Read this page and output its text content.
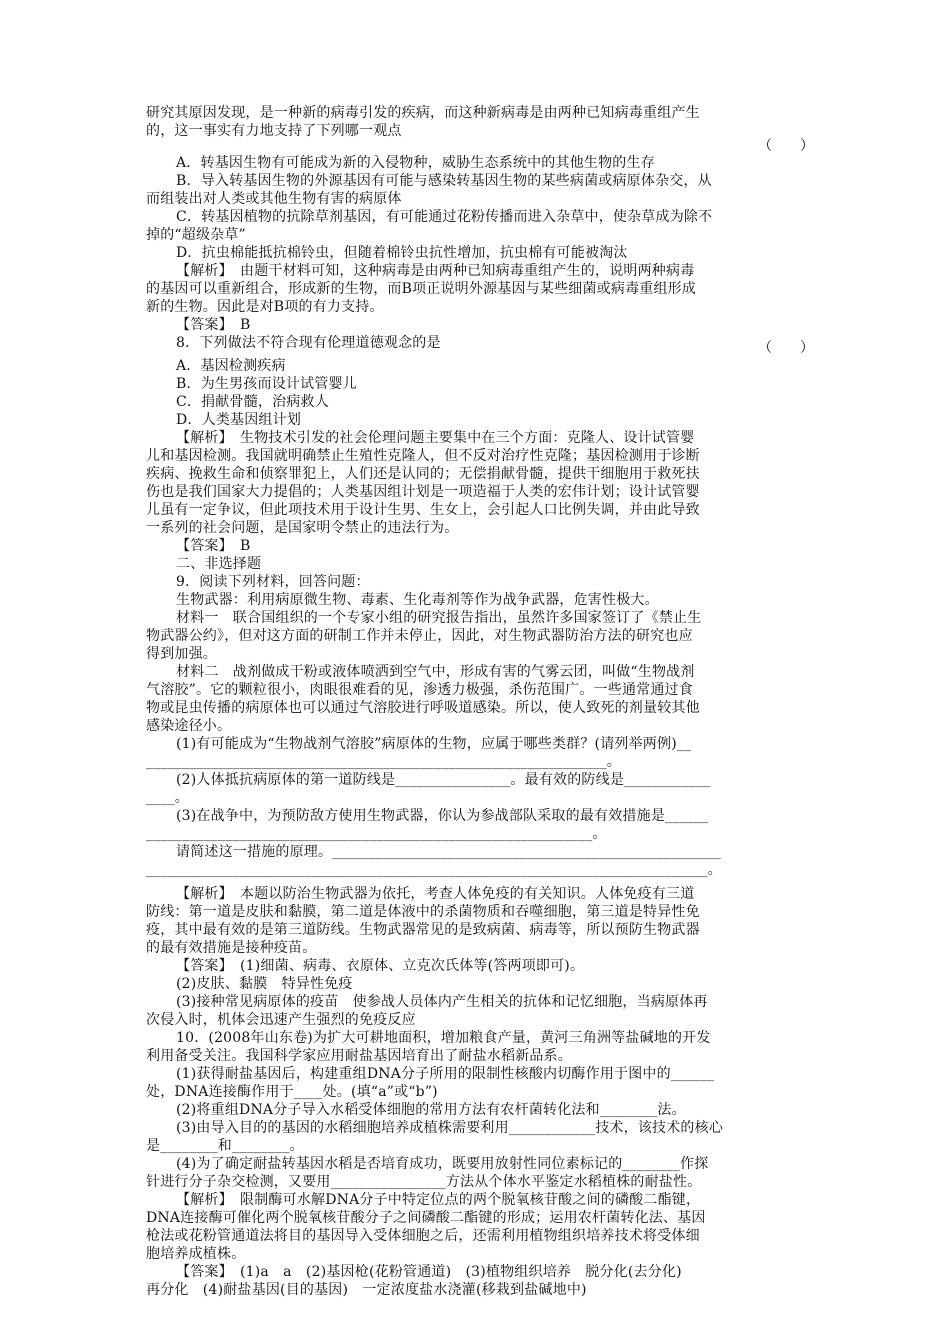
研究其原因发现，是一种新的病毒引发的疾病，而这种新病毒是由两种已知病毒重组产生
的，这一事实有力地支持了下列哪一观点
（　　）
A．转基因生物有可能成为新的入侵物种，威胁生态系统中的其他生物的生存
B．导入转基因生物的外源基因有可能与感染转基因生物的某些病菌或病原体杂交，从
而组装出对人类或其他生物有害的病原体
C．转基因植物的抗除草剂基因，有可能通过花粉传播而进入杂草中，使杂草成为除不
掉的“超级杂草”
D．抗虫棉能抵抗棉铃虫，但随着棉铃虫抗性增加，抗虫棉有可能被淘汰
【解析】　由题干材料可知，这种病毒是由两种已知病毒重组产生的，说明两种病毒
的基因可以重新组合，形成新的生物，而B项正说明外源基因与某些细菌或病毒重组形成
新的生物。因此是对B项的有力支持。
【答案】　B
8．下列做法不符合现有伦理道德观念的是	（　　）
A．基因检测疾病
B．为生男孩而设计试管婴儿
C．捐献骨髓，治病救人
D．人类基因组计划
【解析】　生物技术引发的社会伦理问题主要集中在三个方面：克隆人、设计试管婴
儿和基因检测。我国就明确禁止生殖性克隆人，但不反对治疗性克隆；基因检测用于诊断
疾病、挽救生命和侦察罪犯上，人们还是认同的；无偿捐献骨髓，提供干细胞用于救死扶
伤也是我们国家大力提倡的；人类基因组计划是一项造福于人类的宏伟计划；设计试管婴
儿虽有一定争议，但此项技术用于设计生男、生女上，会引起人口比例失调，并由此导致
一系列的社会问题，是国家明令禁止的违法行为。
【答案】　B
二、非选择题
9．阅读下列材料，回答问题：
生物武器：利用病原微生物、毒素、生化毒剂等作为战争武器，危害性极大。
材料一　联合国组织的一个专家小组的研究报告指出，虽然许多国家签订了《禁止生
物武器公约》，但对这方面的研制工作并未停止，因此，对生物武器防治方法的研究也应
得到加强。
材料二　战剂做成干粉或液体喷洒到空气中，形成有害的气雾云团，叫做“生物战剂
气溶胶”。它的颗粒很小，肉眼很难看的见，渗透力极强，杀伤范围广。一些通常通过食
物或昆虫传播的病原体也可以通过气溶胶进行呼吸道感染。所以，使人致死的剂量较其他
感染途径小。
(1)有可能成为“生物战剂气溶胶”病原体的生物，应属于哪些类群？(请列举两例)__
________________________________________________________________。
(2)人体抵抗病原体的第一道防线是________________。最有效的防线是____________
____。
(3)在战争中，为预防敌方使用生物武器，你认为参战部队采取的最有效措施是______
______________________________________________________________。
请简述这一措施的原理。______________________________________________________
______________________________________________________________________________。
【解析】　本题以防治生物武器为依托，考查人体免疫的有关知识。人体免疫有三道
防线：第一道是皮肤和黏膜，第二道是体液中的杀菌物质和吞噬细胞，第三道是特异性免
疫，其中最有效的是第三道防线。生物武器常见的是致病菌、病毒等，所以预防生物武器
的最有效措施是接种疫苗。
【答案】　(1)细菌、病毒、衣原体、立克次氏体等(答两项即可)。
(2)皮肤、黏膜　特异性免疫
(3)接种常见病原体的疫苗　使参战人员体内产生相关的抗体和记忆细胞，当病原体再
次侵入时，机体会迅速产生强烈的免疫反应
10．(2008年山东卷)为扩大可耕地面积，增加粮食产量，黄河三角洲等盐碱地的开发
利用备受关注。我国科学家应用耐盐基因培育出了耐盐水稻新品系。
(1)获得耐盐基因后，构建重组DNA分子所用的限制性核酸内切酶作用于图中的______
处，DNA连接酶作用于____处。(填“a”或“b”)
(2)将重组DNA分子导入水稻受体细胞的常用方法有农杆菌转化法和________法。
(3)由导入目的的基因的水稻细胞培养成植株需要利用____________技术，该技术的核心
是________和________。
(4)为了确定耐盐转基因水稻是否培育成功，既要用放射性同位素标记的________作探
针进行分子杂交检测，又要用________________方法从个体水平鉴定水稻植株的耐盐性。
【解析】　限制酶可水解DNA分子中特定位点的两个脱氧核苷酸之间的磷酸二酯键，
DNA连接酶可催化两个脱氧核苷酸分子之间磷酸二酯键的形成；运用农杆菌转化法、基因
枪法或花粉管通道法将目的基因导入受体细胞之后，还需利用植物组织培养技术将受体细
胞培养成植株。
【答案】　(1)a　a　(2)基因枪(花粉管通道)　(3)植物组织培养　脱分化(去分化)
再分化　(4)耐盐基因(目的基因)　一定浓度盐水浇灌(移栽到盐碱地中)
